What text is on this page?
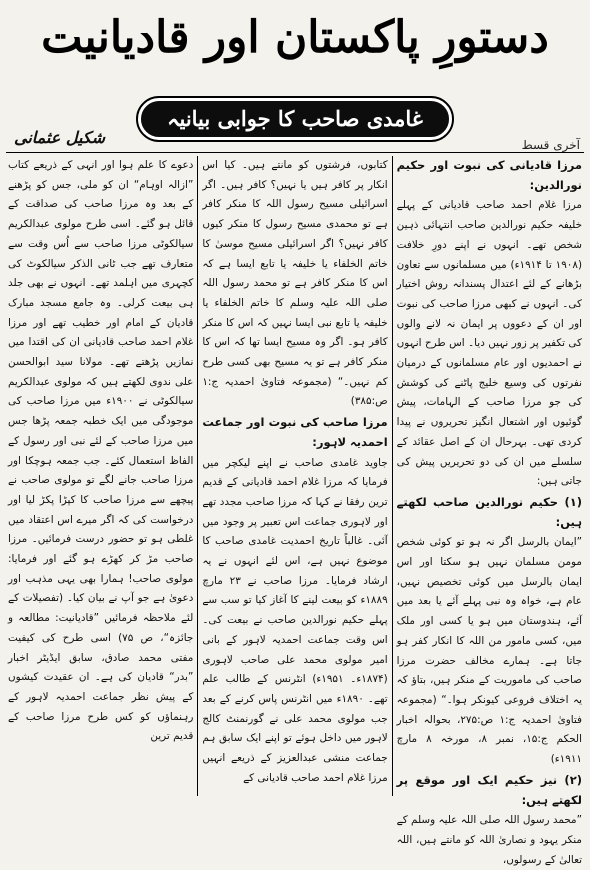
دستورِ پاکستان اور قادیانیت
غامدی صاحب کا جوابی بیانیہ
آخری قسط
شکیل عثمانی

مرزا قادیانی کی نبوت اور حکیم نورالدین:

مرزا غلام احمد صاحب قادیانی کے پہلے خلیفہ حکیم نورالدین صاحب انتہائی ذہین شخص تھے۔ انہوں نے اپنے دورِ خلافت (۱۹۰۸ تا ۱۹۱۴ء) میں مسلمانوں سے تعاون بڑھانے کے لئے اعتدال پسندانہ روش اختیار کی۔ انہوں نے کبھی مرزا صاحب کی نبوت اور ان کے دعووں پر ایمان نہ لانے والوں کی تکفیر پر زور نہیں دیا۔ اس طرح انہوں نے احمدیوں اور عام مسلمانوں کے درمیان نفرتوں کی وسیع خلیج پاٹنے کی کوشش کی جو مرزا صاحب کے الہامات، پیش گوئیوں اور اشتعال انگیز تحریروں نے پیدا کردی تھی۔ بہرحال ان کے اصل عقائد کے سلسلے میں ان کی دو تحریریں پیش کی جاتی ہیں:

(۱) حکیم نورالدین صاحب لکھتے ہیں:

”ایمان بالرسل اگر نہ ہو تو کوئی شخص مومن مسلمان نہیں ہو سکتا اور اس ایمان بالرسل میں کوئی تخصیص نہیں، عام ہے، خواہ وہ نبی پہلے آئے یا بعد میں آئے، ہندوستان میں ہو یا کسی اور ملک میں، کسی مامور من اللہ کا انکار کفر ہو جاتا ہے۔ ہمارے مخالف حضرت مرزا صاحب کی ماموریت کے منکر ہیں، بتاؤ کہ یہ اختلاف فروعی کیونکر ہوا۔“ (مجموعہ فتاویٰ احمدیہ ج:۱ ص:۲۷۵، بحوالہ اخبار الحکم ج:۱۵، نمبر ۸، مورخہ ۸ مارچ ۱۹۱۱ء)

(۲) نیز حکیم ایک اور موقع پر لکھتے ہیں:

”محمد رسول اللہ صلی اللہ علیہ وسلم کے منکر یہود و نصاریٰ اللہ کو مانتے ہیں، اللہ تعالیٰ کے رسولوں،

کتابوں، فرشتوں کو مانتے ہیں۔ کیا اس انکار پر کافر ہیں یا نہیں؟ کافر ہیں۔ اگر اسرائیلی مسیح رسول اللہ کا منکر کافر ہے تو محمدی مسیح رسول کا منکر کیوں کافر نہیں؟ اگر اسرائیلی مسیح موسیٰ کا خاتم الخلفاء یا خلیفہ یا تابع ایسا ہے کہ اس کا منکر کافر ہے تو محمد رسول اللہ صلی اللہ علیہ وسلم کا خاتم الخلفاء یا خلیفہ یا تابع نبی ایسا نہیں کہ اس کا منکر کافر ہو۔ اگر وہ مسیح ایسا تھا کہ اس کا منکر کافر ہے تو یہ مسیح بھی کسی طرح کم نہیں۔“ (مجموعہ فتاویٰ احمدیہ ج:۱ ص:۳۸۵)

مرزا صاحب کی نبوت اور جماعت احمدیہ لاہور:

جاوید غامدی صاحب نے اپنے لیکچر میں فرمایا کہ مرزا غلام احمد قادیانی کے قدیم ترین رفقا نے کہا کہ مرزا صاحب مجدد تھے اور لاہوری جماعت اس تعبیر پر وجود میں آئی۔ غالباً تاریخ احمدیت غامدی صاحب کا موضوع نہیں ہے، اس لئے انہوں نے یہ ارشاد فرمایا۔ مرزا صاحب نے ۲۳ مارچ ۱۸۸۹ء کو بیعت لینے کا آغاز کیا تو سب سے پہلے حکیم نورالدین صاحب نے بیعت کی۔ اس وقت جماعت احمدیہ لاہور کے بانی امیر مولوی محمد علی صاحب لاہوری (۱۸۷۴ء۔ ۱۹۵۱ء) انٹرنس کے طالب علم تھے۔ ۱۸۹۰ء میں انٹرنس پاس کرنے کے بعد جب مولوی محمد علی نے گورنمنٹ کالج لاہور میں داخل ہوئے تو اپنے ایک سابق ہم جماعت منشی عبدالعزیز کے ذریعے انہیں مرزا غلام احمد صاحب قادیانی کے

دعوے کا علم ہوا اور انہی کے ذریعے کتاب ”ازالہ اوہام“ ان کو ملی، جس کو پڑھنے کے بعد وہ مرزا صاحب کی صداقت کے قائل ہو گئے۔ اسی طرح مولوی عبدالکریم سیالکوٹی مرزا صاحب سے اُس وقت سے متعارف تھے جب ٹانی الذکر سیالکوٹ کی کچہری میں اہلمد تھے۔ انہوں نے بھی جلد ہی بیعت کرلی۔ وہ جامع مسجد مبارک قادیان کے امام اور خطیب تھے اور مرزا غلام احمد صاحب قادیانی ان کی اقتدا میں نمازیں پڑھتے تھے۔ مولانا سید ابوالحسن علی ندوی لکھتے ہیں کہ مولوی عبدالکریم سیالکوٹی نے ۱۹۰۰ء میں مرزا صاحب کی موجودگی میں ایک خطبہ جمعہ پڑھا جس میں مرزا صاحب کے لئے نبی اور رسول کے الفاظ استعمال کئے۔ جب جمعہ ہوچکا اور مرزا صاحب جانے لگے تو مولوی صاحب نے پیچھے سے مرزا صاحب کا کپڑا پکڑ لیا اور درخواست کی کہ اگر میرے اس اعتقاد میں غلطی ہو تو حضور درست فرمائیں۔ مرزا صاحب مڑ کر کھڑے ہو گئے اور فرمایا: مولوی صاحب! ہمارا بھی یہی مذہب اور دعویٰ ہے جو آپ نے بیان کیا۔ (تفصیلات کے لئے ملاحظہ فرمائیں ”قادیانیت: مطالعہ و جائزہ“، ص ۷۵) اسی طرح کی کیفیت مفتی محمد صادق، سابق ایڈیٹر اخبار ”بدر“ قادیان کی ہے۔ ان عقیدت کیشوں کے پیش نظر جماعت احمدیہ لاہور کے رہنماؤں کو کس طرح مرزا صاحب کے قدیم ترین
